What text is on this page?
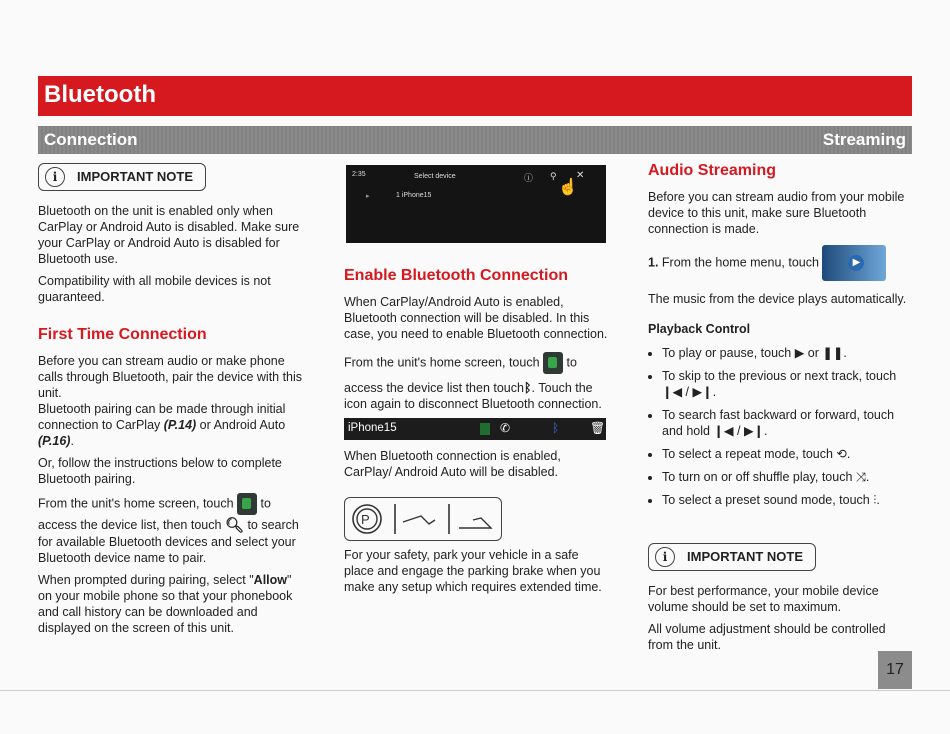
Bluetooth
Connection	Streaming
i	IMPORTANT NOTE

Bluetooth on the unit is enabled only when CarPlay or Android Auto is disabled. Make sure your CarPlay or Android Auto is disabled for Bluetooth use.

Compatibility with all mobile devices is not guaranteed.

First Time Connection

Before you can stream audio or make phone calls through Bluetooth, pair the device with this unit.

Bluetooth pairing can be made through initial connection to CarPlay (P.14) or Android Auto (P.16).

Or, follow the instructions below to complete Bluetooth pairing.

From the unit's home screen, touch to

access the device list, then touch 🔍︎ to search for available Bluetooth devices and select your Bluetooth device name to pair.

When prompted during pairing, select "Allow" on your mobile phone so that your phonebook and call history can be downloaded and displayed on the screen of this unit.

2:35	Select device
1 iPhone15
ⓘ ⚲ ✕
☝
▸
Enable Bluetooth Connection

When CarPlay/Android Auto is enabled, Bluetooth connection will be disabled. In this case, you need to enable Bluetooth connection.

From the unit's home screen, touch to

access the device list then touchᛒ. Touch the icon again to disconnect Bluetooth connection.

iPhone15	✆	ᛒ	🗑︎

When Bluetooth connection is enabled, CarPlay/ Android Auto will be disabled.

P

For your safety, park your vehicle in a safe place and engage the parking brake when you make any setup which requires extended time.

Audio Streaming

Before you can stream audio from your mobile device to this unit, make sure Bluetooth connection is made.

1. From the home menu, touch ▶

The music from the device plays automatically.

Playback Control
• To play or pause, touch ▶ or ❚❚.
• To skip to the previous or next track, touch ❙◀ / ▶❙.
• To search fast backward or forward, touch and hold ❙◀ / ▶❙.
• To select a repeat mode, touch ⟲.
• To turn on or off shuffle play, touch ⤨.
• To select a preset sound mode, touch ⫶.
i	IMPORTANT NOTE

For best performance, your mobile device volume should be set to maximum.

All volume adjustment should be controlled from the unit.

17
